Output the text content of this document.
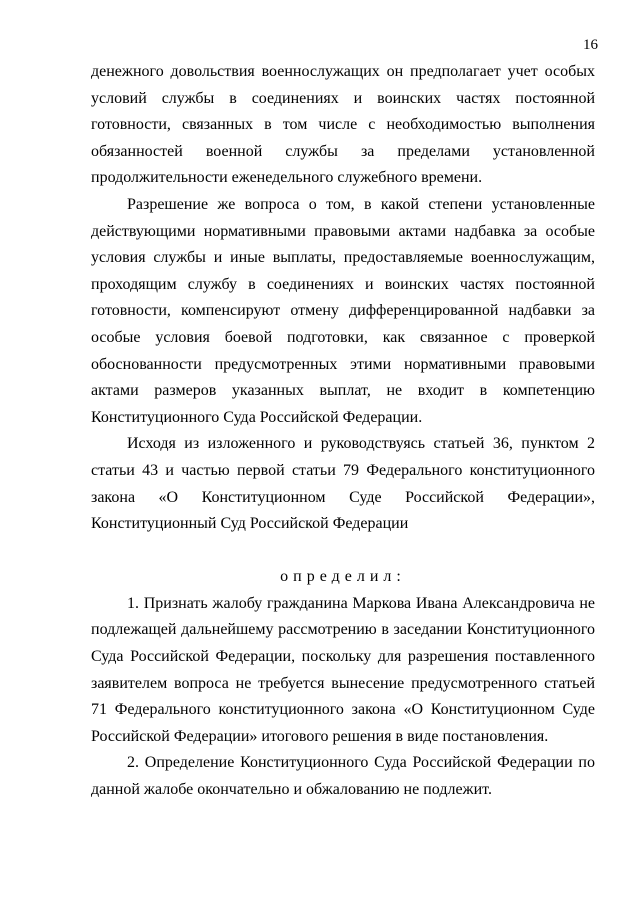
16

денежного довольствия военнослужащих он предполагает учет особых условий службы в соединениях и воинских частях постоянной готовности, связанных в том числе с необходимостью выполнения обязанностей военной службы за пределами установленной продолжительности еженедельного служебного времени.

Разрешение же вопроса о том, в какой степени установленные действующими нормативными правовыми актами надбавка за особые условия службы и иные выплаты, предоставляемые военнослужащим, проходящим службу в соединениях и воинских частях постоянной готовности, компенсируют отмену дифференцированной надбавки за особые условия боевой подготовки, как связанное с проверкой обоснованности предусмотренных этими нормативными правовыми актами размеров указанных выплат, не входит в компетенцию Конституционного Суда Российской Федерации.

Исходя из изложенного и руководствуясь статьей 36, пунктом 2 статьи 43 и частью первой статьи 79 Федерального конституционного закона «О Конституционном Суде Российской Федерации», Конституционный Суд Российской Федерации

определил:

1. Признать жалобу гражданина Маркова Ивана Александровича не подлежащей дальнейшему рассмотрению в заседании Конституционного Суда Российской Федерации, поскольку для разрешения поставленного заявителем вопроса не требуется вынесение предусмотренного статьей 71 Федерального конституционного закона «О Конституционном Суде Российской Федерации» итогового решения в виде постановления.

2. Определение Конституционного Суда Российской Федерации по данной жалобе окончательно и обжалованию не подлежит.
